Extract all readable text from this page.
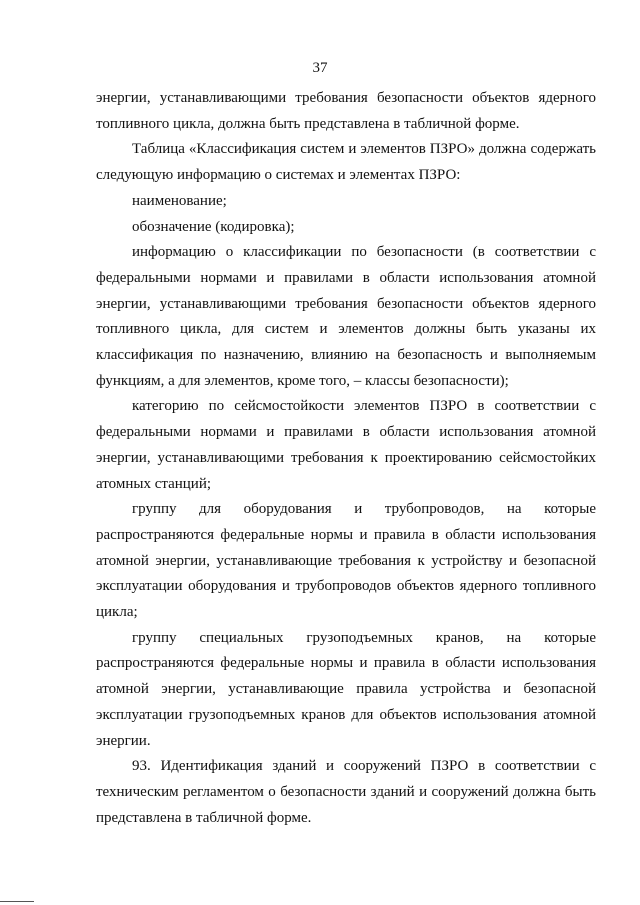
37

энергии, устанавливающими требования безопасности объектов ядерного топливного цикла, должна быть представлена в табличной форме.

Таблица «Классификация систем и элементов ПЗРО» должна содержать следующую информацию о системах и элементах ПЗРО:

наименование;

обозначение (кодировка);

информацию о классификации по безопасности (в соответствии с федеральными нормами и правилами в области использования атомной энергии, устанавливающими требования безопасности объектов ядерного топливного цикла, для систем и элементов должны быть указаны их классификация по назначению, влиянию на безопасность и выполняемым функциям, а для элементов, кроме того, – классы безопасности);

категорию по сейсмостойкости элементов ПЗРО в соответствии с федеральными нормами и правилами в области использования атомной энергии, устанавливающими требования к проектированию сейсмостойких атомных станций;

группу для оборудования и трубопроводов, на которые распространяются федеральные нормы и правила в области использования атомной энергии, устанавливающие требования к устройству и безопасной эксплуатации оборудования и трубопроводов объектов ядерного топливного цикла;

группу специальных грузоподъемных кранов, на которые распространяются федеральные нормы и правила в области использования атомной энергии, устанавливающие правила устройства и безопасной эксплуатации грузоподъемных кранов для объектов использования атомной энергии.

93. Идентификация зданий и сооружений ПЗРО в соответствии с техническим регламентом о безопасности зданий и сооружений должна быть представлена в табличной форме.
